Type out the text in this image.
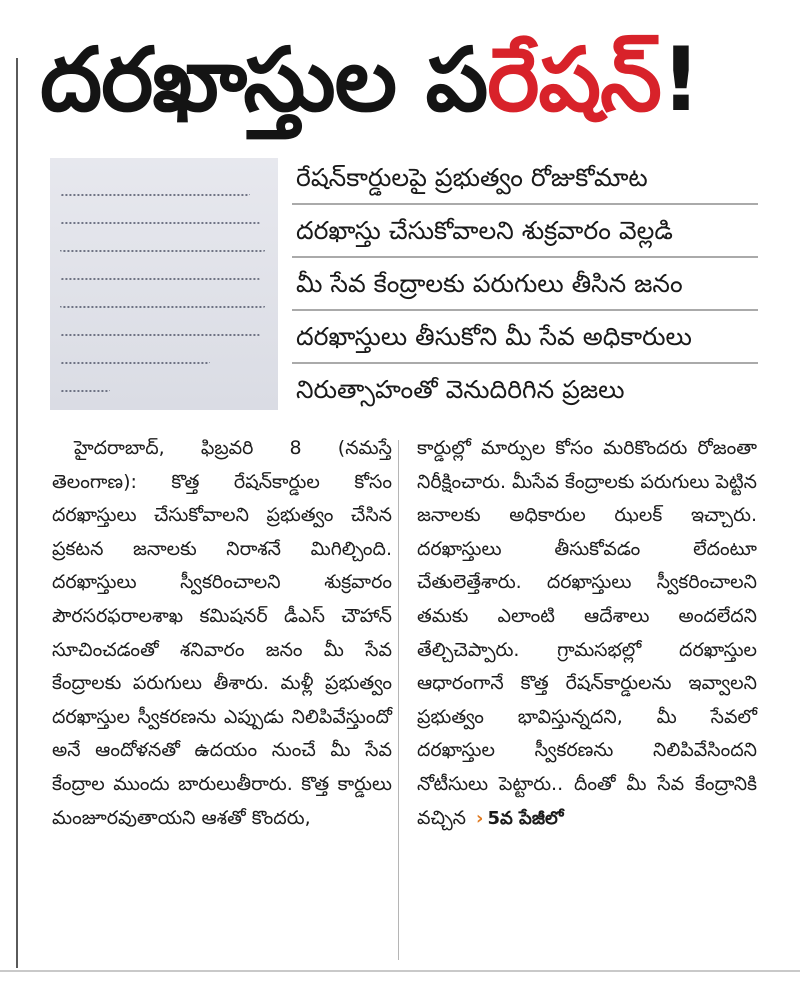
దరఖాస్తుల పరేషన్!
రేషన్‌కార్డులపై ప్రభుత్వం రోజుకోమాట
దరఖాస్తు చేసుకోవాలని శుక్రవారం వెల్లడి
మీ సేవ కేంద్రాలకు పరుగులు తీసిన జనం
దరఖాస్తులు తీసుకోని మీ సేవ అధికారులు
నిరుత్సాహంతో వెనుదిరిగిన ప్రజలు

హైదరాబాద్, ఫిబ్రవరి 8 (నమస్తే తెలంగాణ): కొత్త రేషన్‌కార్డుల కోసం దరఖాస్తులు చేసుకోవాలని ప్రభుత్వం చేసిన ప్రకటన జనాలకు నిరాశనే మిగిల్చింది. దరఖాస్తులు స్వీకరించాలని శుక్రవారం పౌరసరఫరాలశాఖ కమిషనర్ డీఎస్ చౌహాన్ సూచించడంతో శనివారం జనం మీ సేవ కేంద్రాలకు పరుగులు తీశారు. మళ్లీ ప్రభుత్వం దరఖాస్తుల స్వీకరణను ఎప్పుడు నిలిపివేస్తుందో అనే ఆందోళనతో ఉదయం నుంచే మీ సేవ కేంద్రాల ముందు బారులుతీరారు. కొత్త కార్డులు మంజూరవుతాయని ఆశతో కొందరు,

కార్డుల్లో మార్పుల కోసం మరికొందరు రోజంతా నిరీక్షించారు. మీసేవ కేంద్రాలకు పరుగులు పెట్టిన జనాలకు అధికారుల ఝలక్ ఇచ్చారు. దరఖాస్తులు తీసుకోవడం లేదంటూ చేతులెత్తేశారు. దరఖాస్తులు స్వీకరించాలని తమకు ఎలాంటి ఆదేశాలు అందలేదని తేల్చిచెప్పారు. గ్రామసభల్లో దరఖాస్తుల ఆధారంగానే కొత్త రేషన్‌కార్డులను ఇవ్వాలని ప్రభుత్వం భావిస్తున్నదని, మీ సేవలో దరఖాస్తుల స్వీకరణను నిలిపివేసిందని నోటీసులు పెట్టారు.. దీంతో మీ సేవ కేంద్రానికి వచ్చిన › 5వ పేజీలో
